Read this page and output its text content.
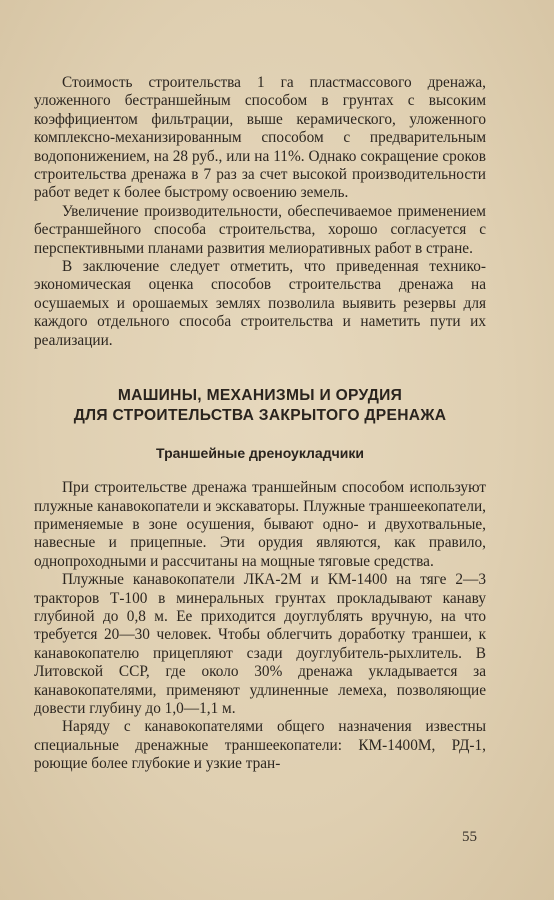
Стоимость строительства 1 га пластмассового дренажа, уложенного бестраншейным способом в грунтах с высоким коэффициентом фильтрации, выше керамического, уложенного комплексно-механизированным способом с предварительным водопонижением, на 28 руб., или на 11%. Однако сокращение сроков строительства дренажа в 7 раз за счет высокой производительности работ ведет к более быстрому освоению земель.

Увеличение производительности, обеспечиваемое применением бестраншейного способа строительства, хорошо согласуется с перспективными планами развития мелиоративных работ в стране.

В заключение следует отметить, что приведенная технико-экономическая оценка способов строительства дренажа на осушаемых и орошаемых землях позволила выявить резервы для каждого отдельного способа строительства и наметить пути их реализации.

МАШИНЫ, МЕХАНИЗМЫ И ОРУДИЯ

ДЛЯ СТРОИТЕЛЬСТВА ЗАКРЫТОГО ДРЕНАЖА

Траншейные дреноукладчики

При строительстве дренажа траншейным способом используют плужные канавокопатели и экскаваторы. Плужные траншеекопатели, применяемые в зоне осушения, бывают одно- и двухотвальные, навесные и прицепные. Эти орудия являются, как правило, однопроходными и рассчитаны на мощные тяговые средства.

Плужные канавокопатели ЛКА-2М и КМ-1400 на тяге 2—3 тракторов Т-100 в минеральных грунтах прокладывают канаву глубиной до 0,8 м. Ее приходится доуглублять вручную, на что требуется 20—30 человек. Чтобы облегчить доработку траншеи, к канавокопателю прицепляют сзади доуглубитель-рыхлитель. В Литовской ССР, где около 30% дренажа укладывается за канавокопателями, применяют удлиненные лемеха, позволяющие довести глубину до 1,0—1,1 м.

Наряду с канавокопателями общего назначения известны специальные дренажные траншеекопатели: КМ-1400М, РД-1, роющие более глубокие и узкие тран-

55
